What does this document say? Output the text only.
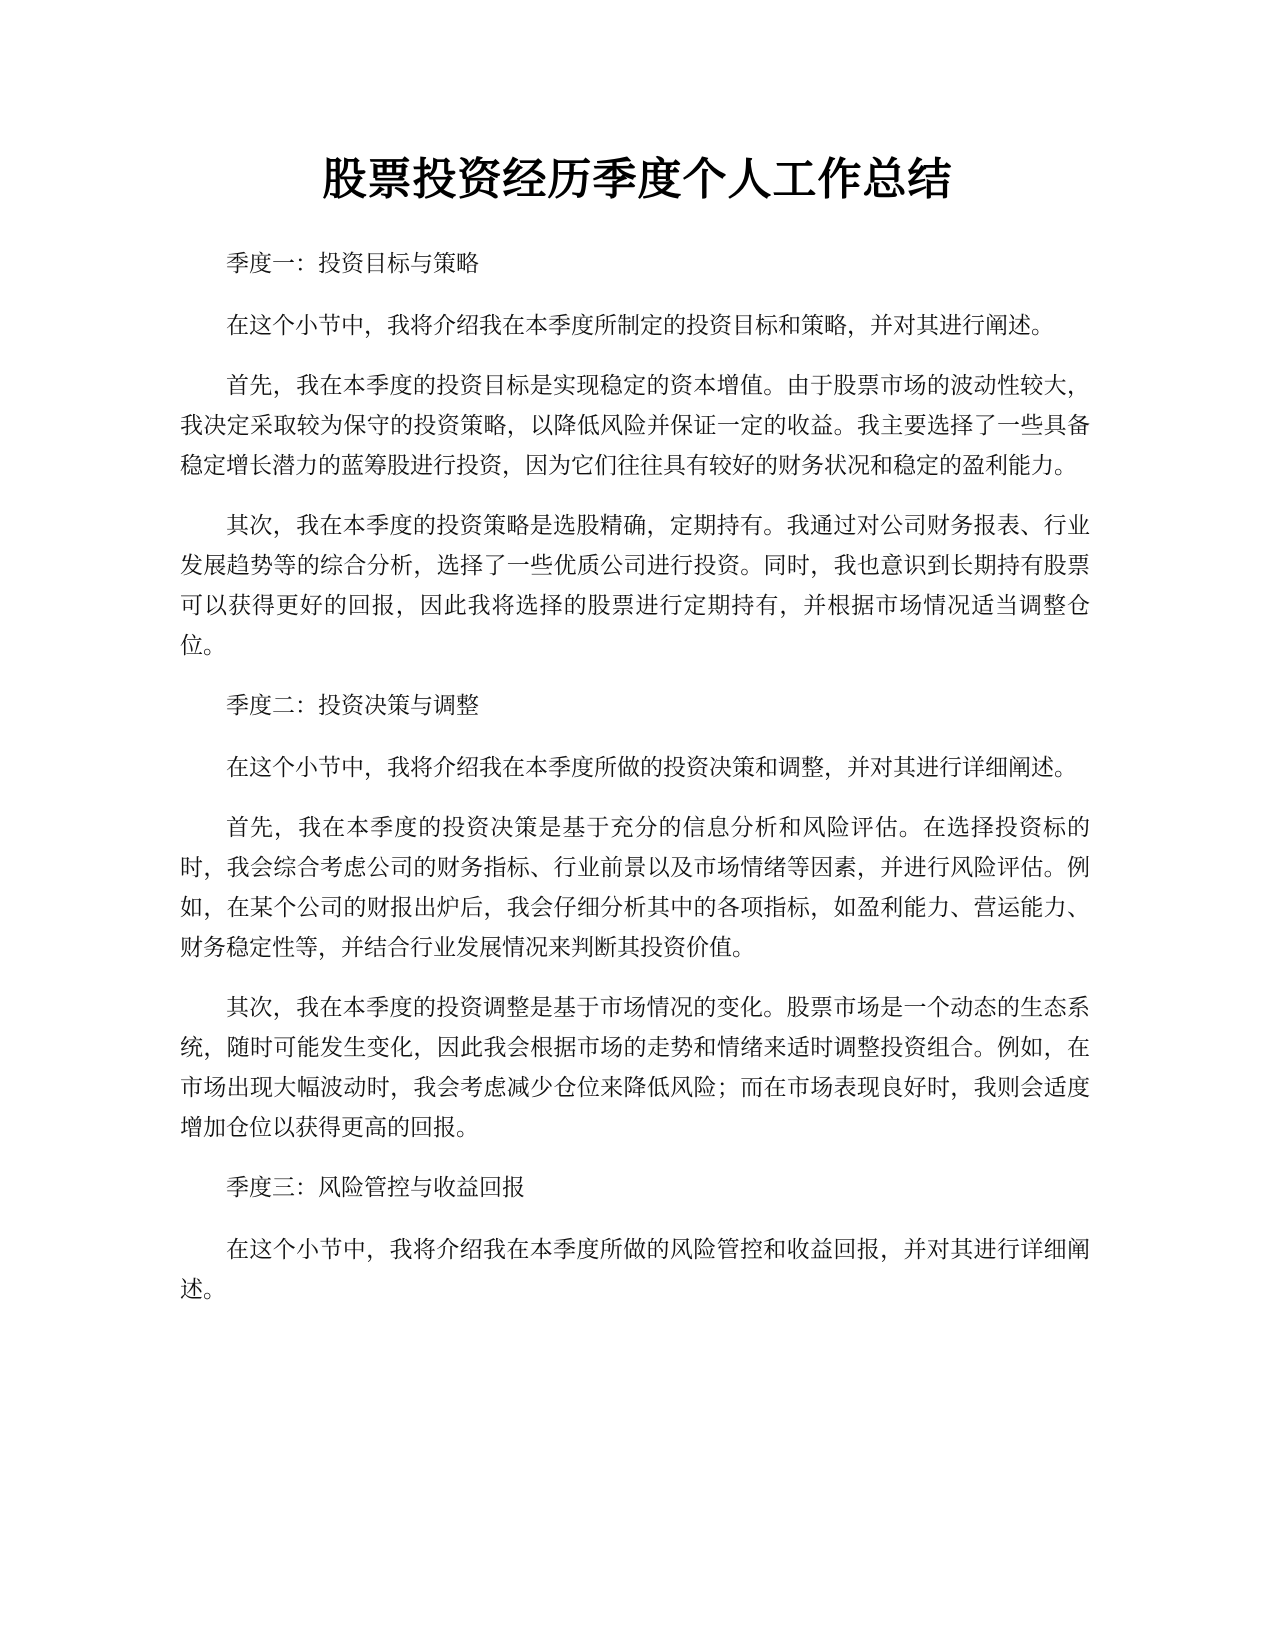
股票投资经历季度个人工作总结

季度一：投资目标与策略

在这个小节中，我将介绍我在本季度所制定的投资目标和策略，并对其进行阐述。

首先，我在本季度的投资目标是实现稳定的资本增值。由于股票市场的波动性较大，我决定采取较为保守的投资策略，以降低风险并保证一定的收益。我主要选择了一些具备稳定增长潜力的蓝筹股进行投资，因为它们往往具有较好的财务状况和稳定的盈利能力。

其次，我在本季度的投资策略是选股精确，定期持有。我通过对公司财务报表、行业发展趋势等的综合分析，选择了一些优质公司进行投资。同时，我也意识到长期持有股票可以获得更好的回报，因此我将选择的股票进行定期持有，并根据市场情况适当调整仓位。

季度二：投资决策与调整

在这个小节中，我将介绍我在本季度所做的投资决策和调整，并对其进行详细阐述。

首先，我在本季度的投资决策是基于充分的信息分析和风险评估。在选择投资标的时，我会综合考虑公司的财务指标、行业前景以及市场情绪等因素，并进行风险评估。例如，在某个公司的财报出炉后，我会仔细分析其中的各项指标，如盈利能力、营运能力、财务稳定性等，并结合行业发展情况来判断其投资价值。

其次，我在本季度的投资调整是基于市场情况的变化。股票市场是一个动态的生态系统，随时可能发生变化，因此我会根据市场的走势和情绪来适时调整投资组合。例如，在市场出现大幅波动时，我会考虑减少仓位来降低风险；而在市场表现良好时，我则会适度增加仓位以获得更高的回报。

季度三：风险管控与收益回报

在这个小节中，我将介绍我在本季度所做的风险管控和收益回报，并对其进行详细阐述。
